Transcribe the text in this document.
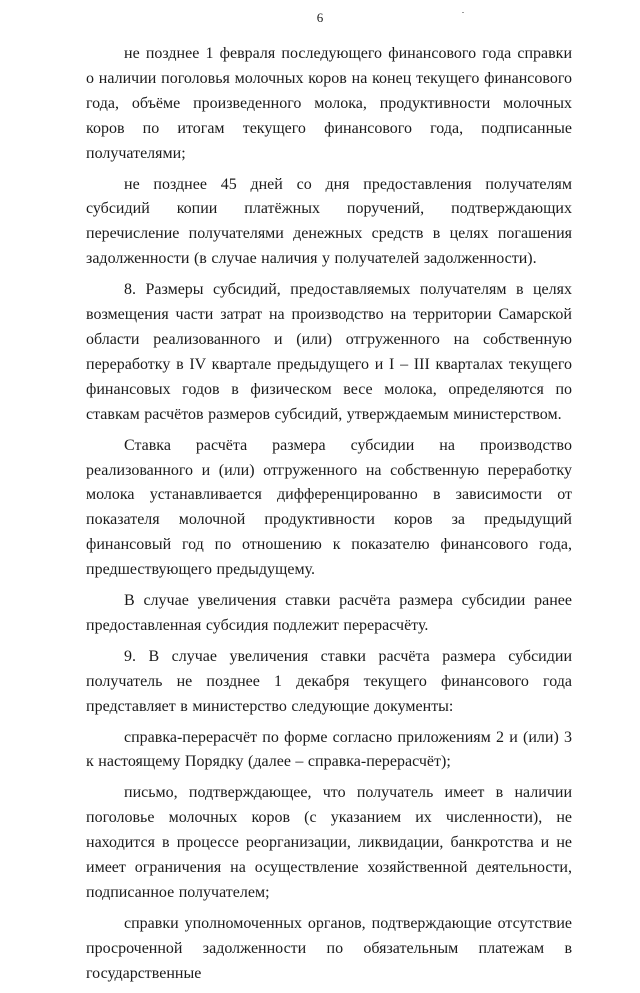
6

не позднее 1 февраля последующего финансового года справки о наличии поголовья молочных коров на конец текущего финансового года, объёме произведенного молока, продуктивности молочных коров по итогам текущего финансового года, подписанные получателями;

не позднее 45 дней со дня предоставления получателям субсидий копии платёжных поручений, подтверждающих перечисление получателями денежных средств в целях погашения задолженности (в случае наличия у получателей задолженности).

8. Размеры субсидий, предоставляемых получателям в целях возмещения части затрат на производство на территории Самарской области реализованного и (или) отгруженного на собственную переработку в IV квартале предыдущего и I – III кварталах текущего финансовых годов в физическом весе молока, определяются по ставкам расчётов размеров субсидий, утверждаемым министерством.

Ставка расчёта размера субсидии на производство реализованного и (или) отгруженного на собственную переработку молока устанавливается дифференцированно в зависимости от показателя молочной продуктивности коров за предыдущий финансовый год по отношению к показателю финансового года, предшествующего предыдущему.

В случае увеличения ставки расчёта размера субсидии ранее предоставленная субсидия подлежит перерасчёту.

9. В случае увеличения ставки расчёта размера субсидии получатель не позднее 1 декабря текущего финансового года представляет в министерство следующие документы:

справка-перерасчёт по форме согласно приложениям 2 и (или) 3 к настоящему Порядку (далее – справка-перерасчёт);

письмо, подтверждающее, что получатель имеет в наличии поголовье молочных коров (с указанием их численности), не находится в процессе реорганизации, ликвидации, банкротства и не имеет ограничения на осуществление хозяйственной деятельности, подписанное получателем;

справки уполномоченных органов, подтверждающие отсутствие просроченной задолженности по обязательным платежам в государственные
